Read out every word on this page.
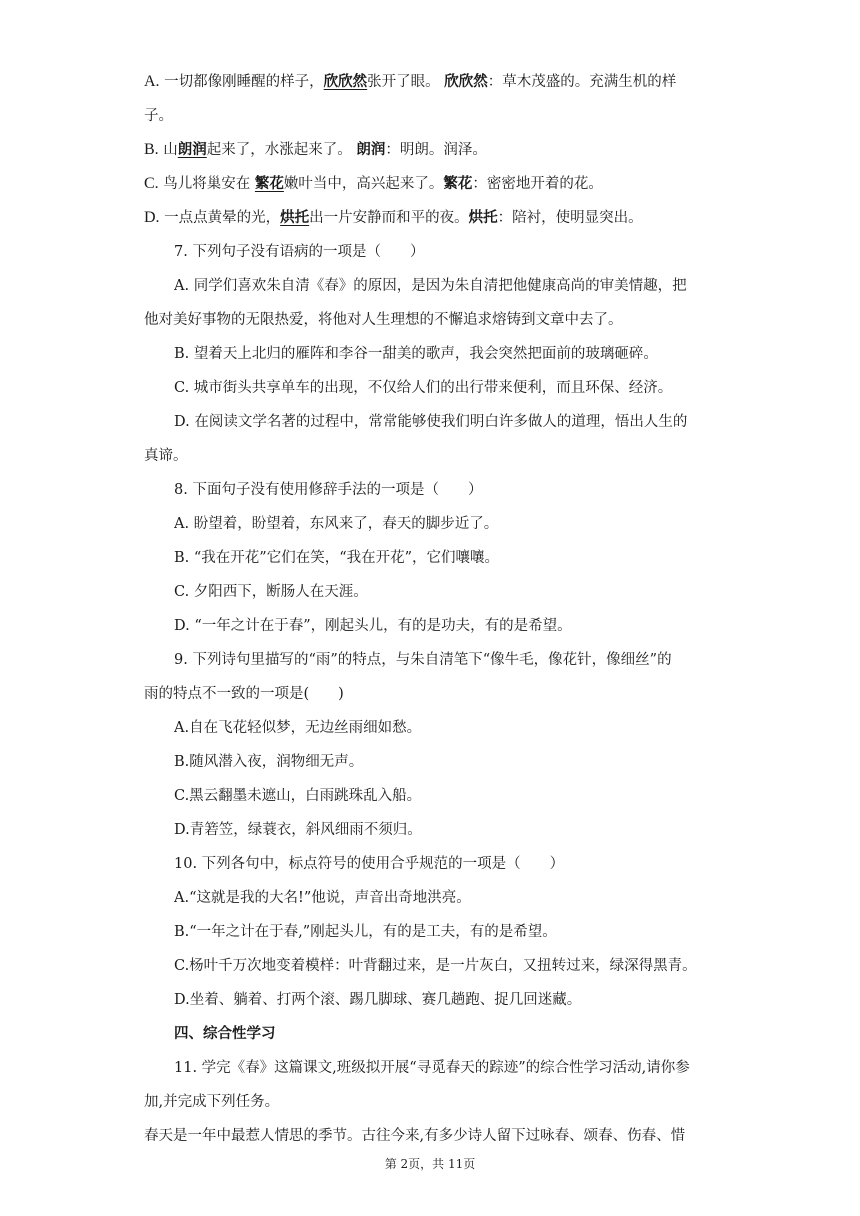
A. 一切都像刚睡醒的样子，欣欣然张开了眼。 欣欣然：草木茂盛的。充满生机的样
子。
B. 山朗润起来了，水涨起来了。 朗润：明朗。润泽。
C. 鸟儿将巢安在 繁花嫩叶当中，高兴起来了。繁花：密密地开着的花。
D. 一点点黄晕的光，烘托出一片安静而和平的夜。烘托：陪衬，使明显突出。
7. 下列句子没有语病的一项是（　　）
A. 同学们喜欢朱自清《春》的原因，是因为朱自清把他健康高尚的审美情趣，把
他对美好事物的无限热爱，将他对人生理想的不懈追求熔铸到文章中去了。
B. 望着天上北归的雁阵和李谷一甜美的歌声，我会突然把面前的玻璃砸碎。
C. 城市街头共享单车的出现，不仅给人们的出行带来便利，而且环保、经济。
D. 在阅读文学名著的过程中，常常能够使我们明白许多做人的道理，悟出人生的
真谛。
8. 下面句子没有使用修辞手法的一项是（　　）
A. 盼望着，盼望着，东风来了，春天的脚步近了。
B. “我在开花”它们在笑，“我在开花”，它们嚷嚷。
C. 夕阳西下，断肠人在天涯。
D. “一年之计在于春”，刚起头儿，有的是功夫，有的是希望。
9. 下列诗句里描写的“雨”的特点，与朱自清笔下“像牛毛，像花针，像细丝”的
雨的特点不一致的一项是(　　)
A.自在飞花轻似梦，无边丝雨细如愁。
B.随风潜入夜，润物细无声。
C.黑云翻墨未遮山，白雨跳珠乱入船。
D.青箬笠，绿蓑衣，斜风细雨不须归。
10. 下列各句中，标点符号的使用合乎规范的一项是（　　）
A.“这就是我的大名!”他说，声音出奇地洪亮。
B.“一年之计在于春,”刚起头儿，有的是工夫，有的是希望。
C.杨叶千万次地变着模样：叶背翻过来，是一片灰白，又扭转过来，绿深得黑青。
D.坐着、躺着、打两个滚、踢几脚球、赛几趟跑、捉几回迷藏。
四、综合性学习
11. 学完《春》这篇课文,班级拟开展“寻觅春天的踪迹”的综合性学习活动,请你参
加,并完成下列任务。
春天是一年中最惹人情思的季节。古往今来,有多少诗人留下过咏春、颂春、伤春、惜
第 2页，共 11页
